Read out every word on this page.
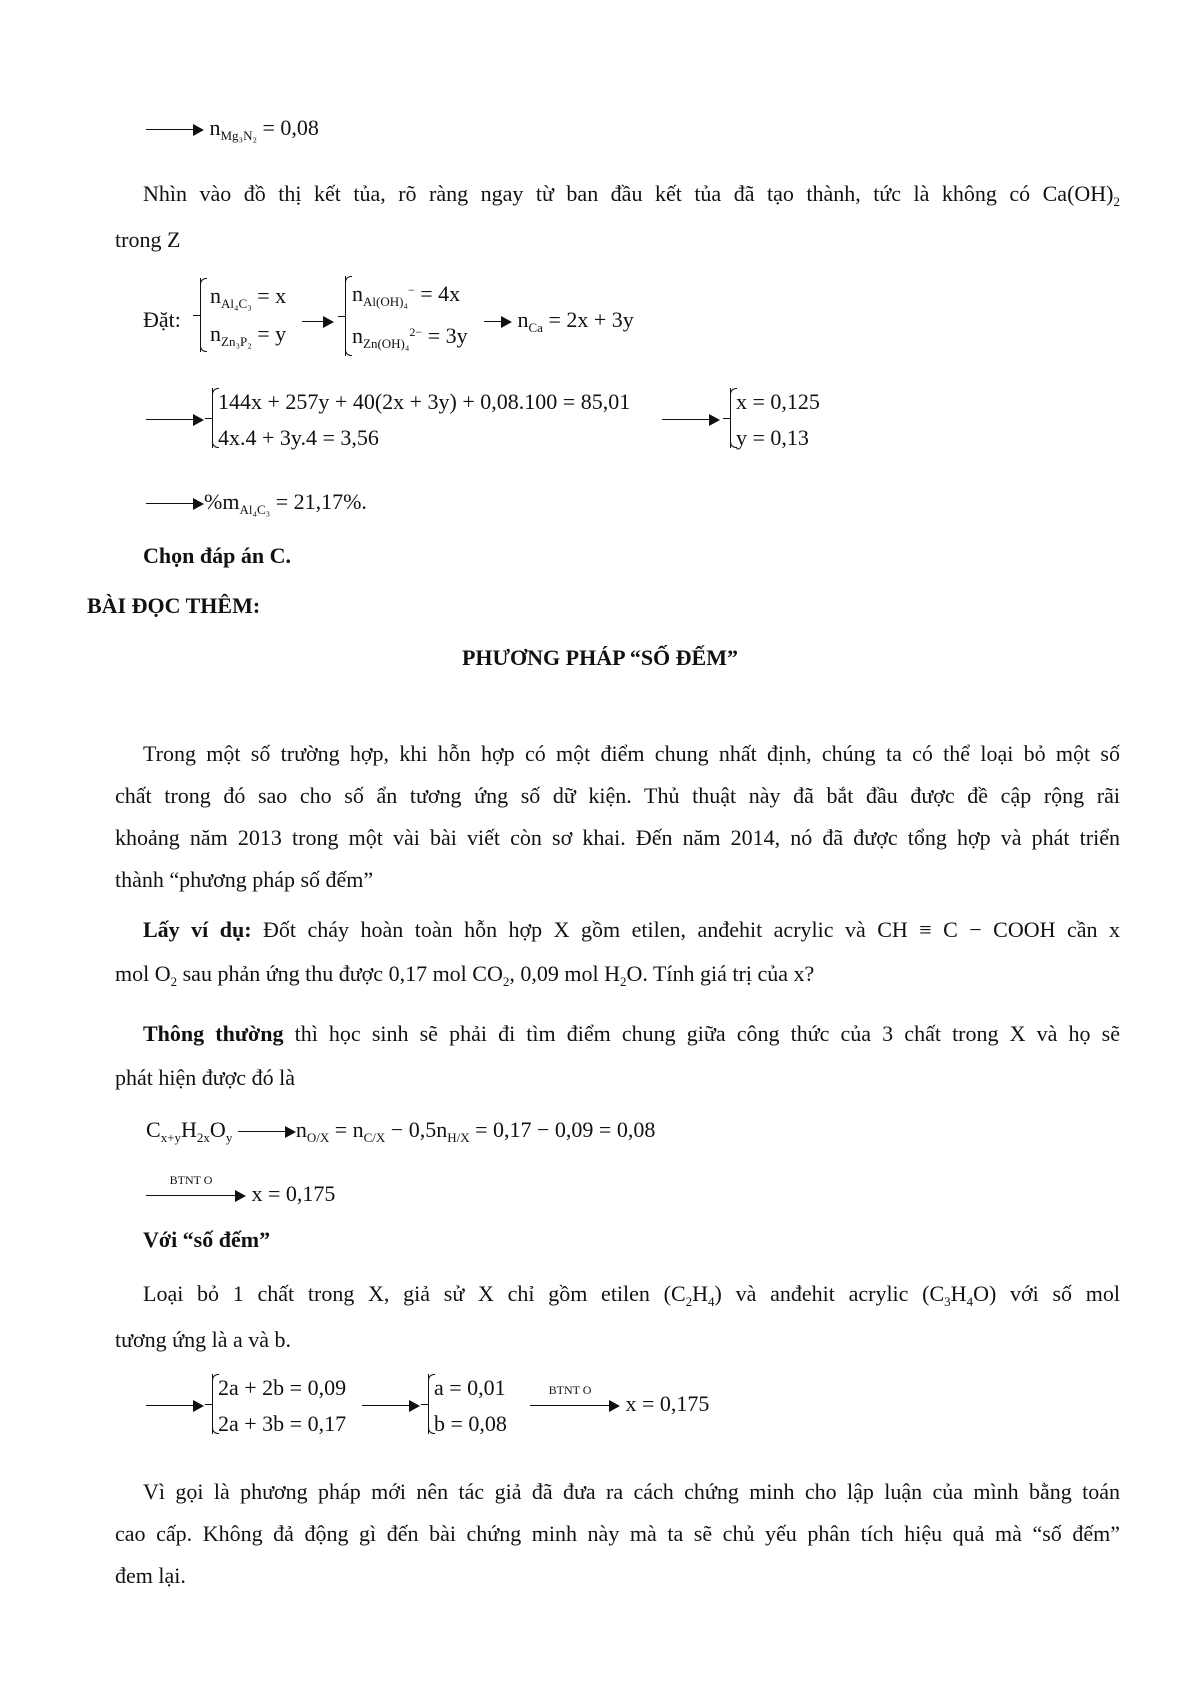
$n_{Mg_3N_2} = 0,08$
Nhìn vào đồ thị kết tủa, rõ ràng ngay từ ban đầu kết tủa đã tạo thành, tức là không có $Ca(OH)_2$
trong Z
Đặt:
$n_{Al_4C_3} = x$
$n_{Zn_3P_2} = y$
$n_{Al(OH)_4}^- = 4x$
$n_{Zn(OH)_4}^{2-} = 3y$
$n_{Ca} = 2x + 3y$
144x + 257y + 40(2x + 3y) + 0,08.100 = 85,01
4x.4 + 3y.4 = 3,56
x = 0,125
y = 0,13
$\%m_{Al_4C_3} = 21,17\%$.
Chọn đáp án C.
BÀI ĐỌC THÊM:
PHƯƠNG PHÁP “SỐ ĐẾM”
Trong một số trường hợp, khi hỗn hợp có một điểm chung nhất định, chúng ta có thể loại bỏ một số
chất trong đó sao cho số ẩn tương ứng số dữ kiện. Thủ thuật này đã bắt đầu được đề cập rộng rãi
khoảng năm 2013 trong một vài bài viết còn sơ khai. Đến năm 2014, nó đã được tổng hợp và phát triển
thành “phương pháp số đếm”
Lấy ví dụ: Đốt cháy hoàn toàn hỗn hợp X gồm etilen, anđehit acrylic và CH ≡ C − COOH cần x
mol $O_2$ sau phản ứng thu được 0,17 mol $CO_2$, 0,09 mol $H_2O$. Tính giá trị của x?
Thông thường thì học sinh sẽ phải đi tìm điểm chung giữa công thức của 3 chất trong X và họ sẽ
phát hiện được đó là
$C_{x+y}H_{2x}O_y$	$n_{O/X} = n_{C/X} - 0,5n_{H/X} = 0,17 - 0,09 = 0,08$
BTNT O
x = 0,175
Với “số đếm”
Loại bỏ 1 chất trong X, giả sử X chỉ gồm etilen $(C_2H_4)$ và anđehit acrylic $(C_3H_4O)$ với số mol
tương ứng là a và b.
2a + 2b = 0,09
2a + 3b = 0,17
a = 0,01
b = 0,08
BTNT O
x = 0,175
Vì gọi là phương pháp mới nên tác giả đã đưa ra cách chứng minh cho lập luận của mình bằng toán
cao cấp. Không đả động gì đến bài chứng minh này mà ta sẽ chủ yếu phân tích hiệu quả mà “số đếm”
đem lại.
